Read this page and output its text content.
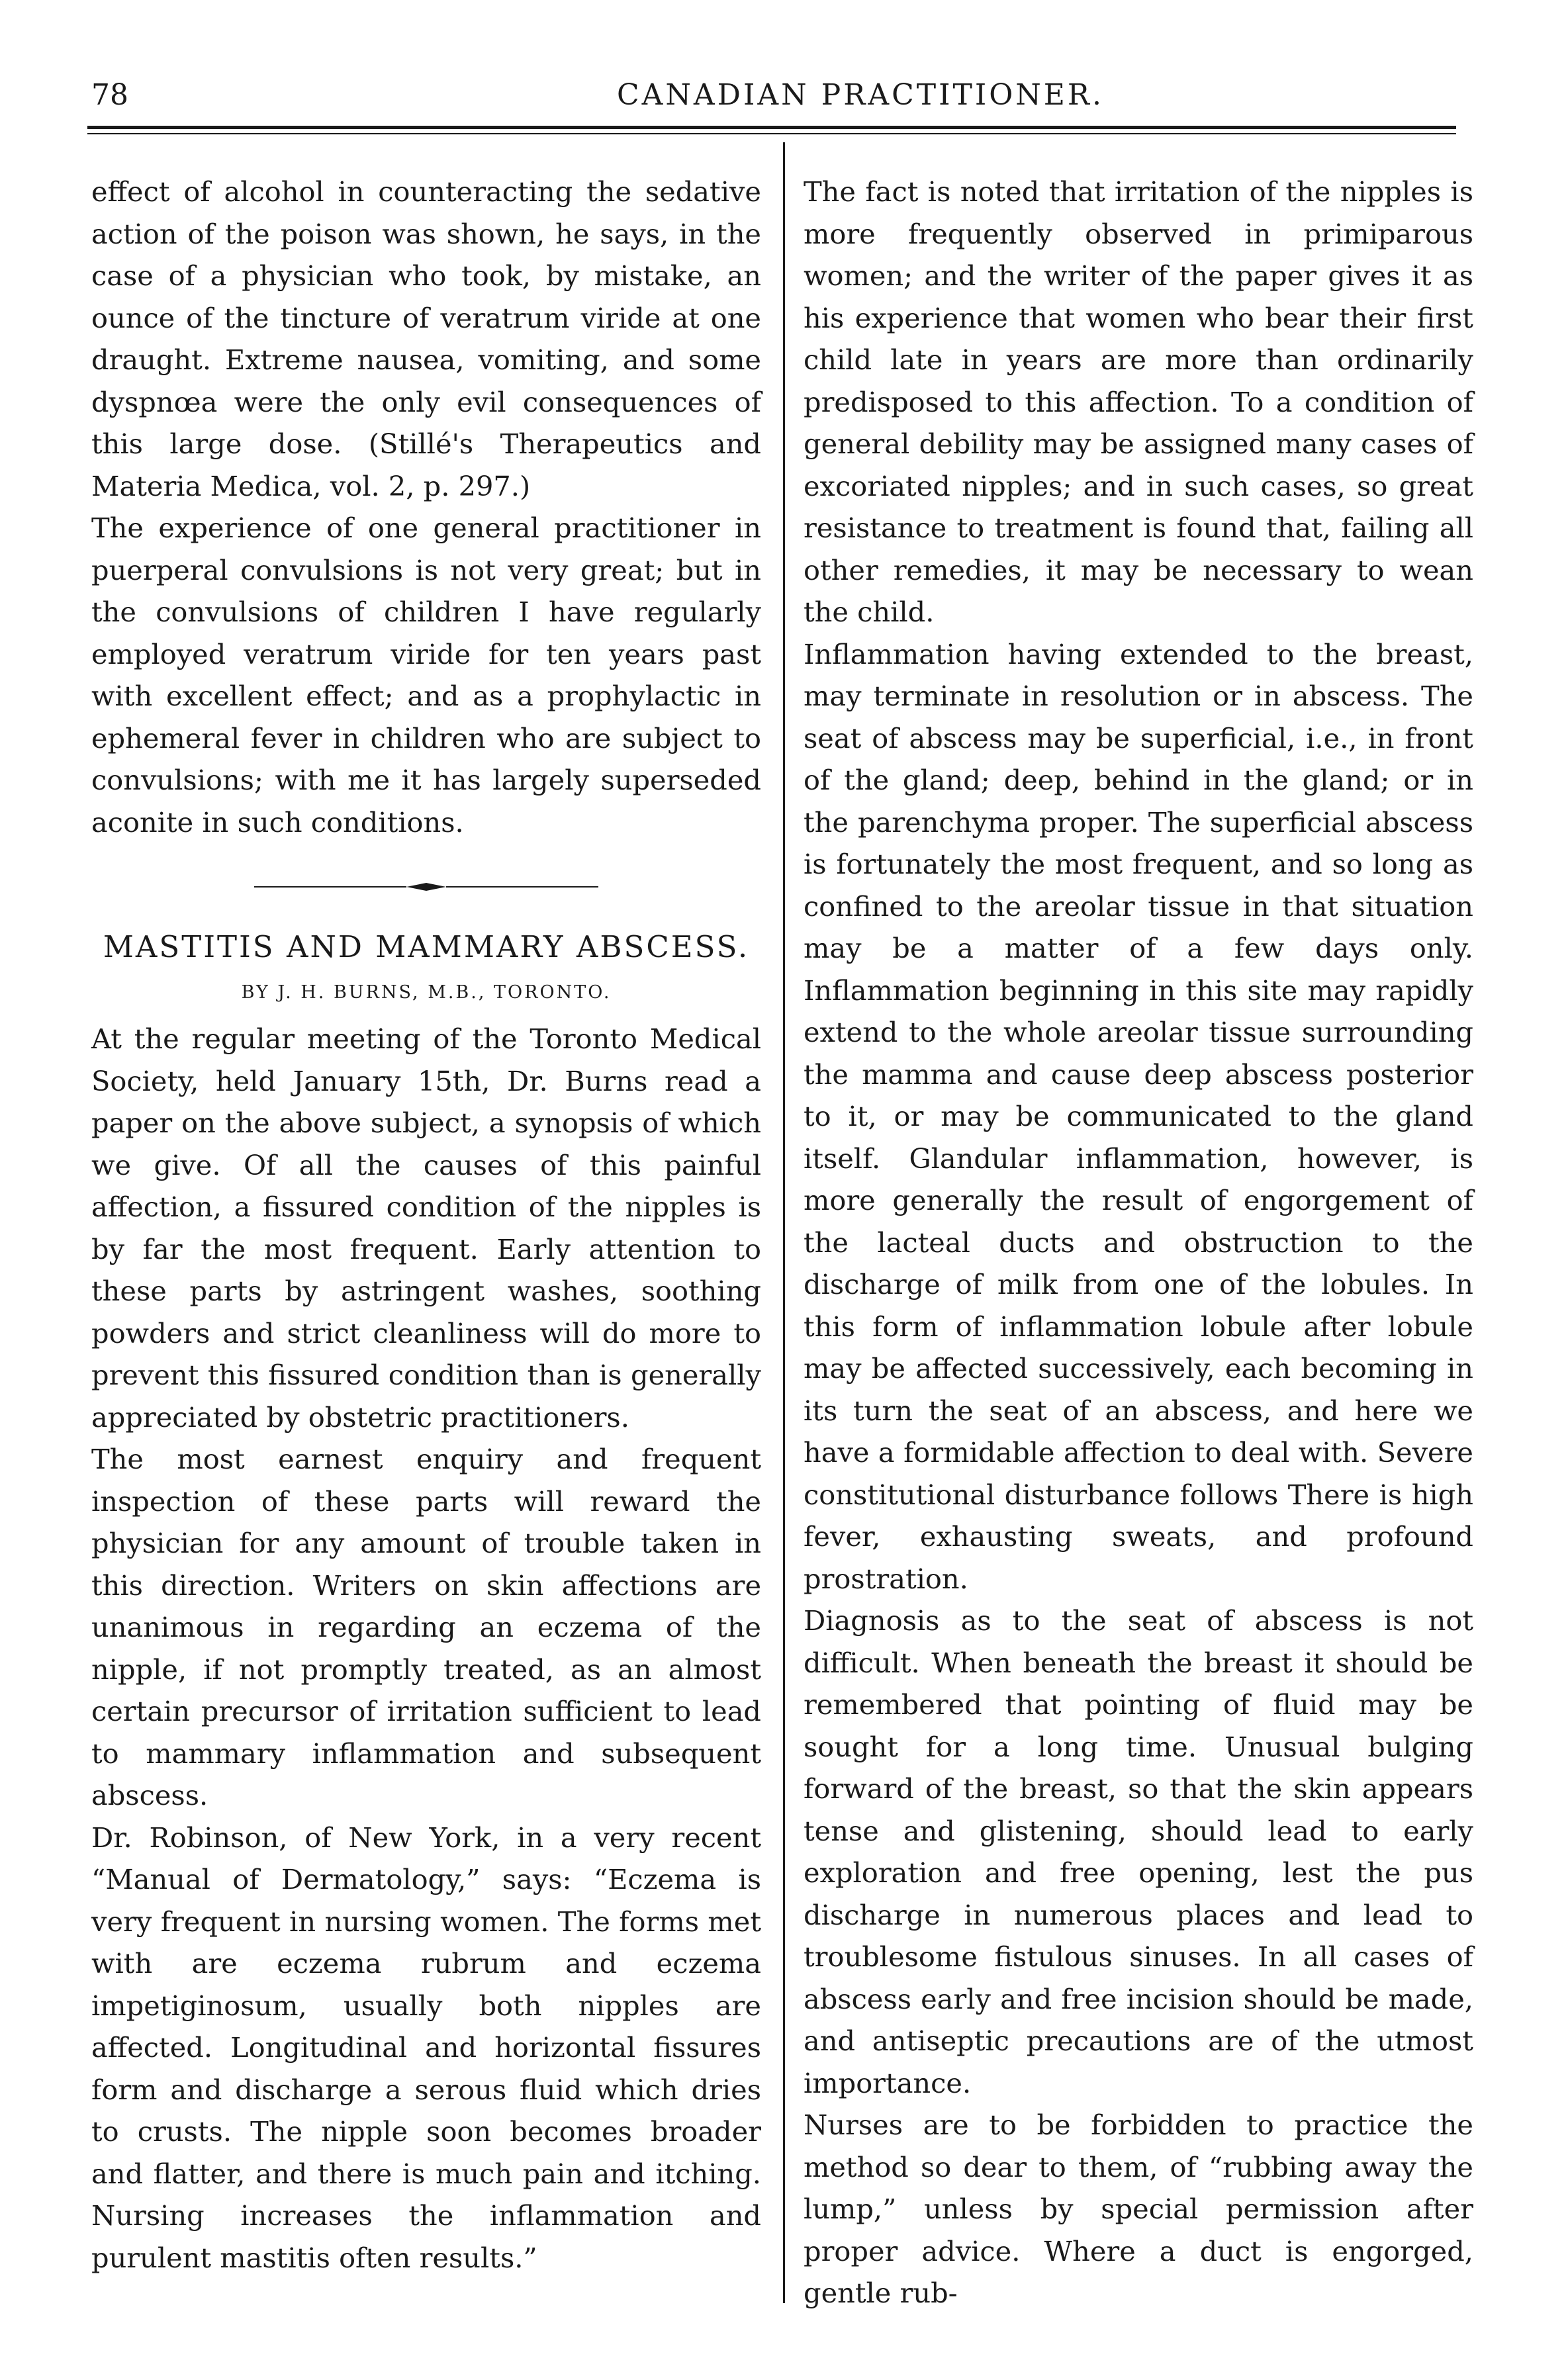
78	CANADIAN PRACTITIONER.

effect of alcohol in counteracting the sedative action of the poison was shown, he says, in the case of a physician who took, by mistake, an ounce of the tincture of veratrum viride at one draught. Extreme nausea, vomiting, and some dyspnœa were the only evil consequences of this large dose. (Stillé's Therapeutics and Materia Medica, vol. 2, p. 297.)

The experience of one general practitioner in puerperal convulsions is not very great; but in the convulsions of children I have regularly employed veratrum viride for ten years past with excellent effect; and as a prophylactic in ephemeral fever in children who are subject to convulsions; with me it has largely superseded aconite in such conditions.

MASTITIS AND MAMMARY ABSCESS.
BY J. H. BURNS, M.B., TORONTO.

At the regular meeting of the Toronto Medical Society, held January 15th, Dr. Burns read a paper on the above subject, a synopsis of which we give. Of all the causes of this painful affection, a fissured condition of the nipples is by far the most frequent. Early attention to these parts by astringent washes, soothing powders and strict cleanliness will do more to prevent this fissured condition than is generally appreciated by obstetric practitioners.

The most earnest enquiry and frequent inspection of these parts will reward the physician for any amount of trouble taken in this direction. Writers on skin affections are unanimous in regarding an eczema of the nipple, if not promptly treated, as an almost certain precursor of irritation sufficient to lead to mammary inflammation and subsequent abscess.

Dr. Robinson, of New York, in a very recent “Manual of Dermatology,” says: “Eczema is very frequent in nursing women. The forms met with are eczema rubrum and eczema impetiginosum, usually both nipples are affected. Longitudinal and horizontal fissures form and discharge a serous fluid which dries to crusts. The nipple soon becomes broader and flatter, and there is much pain and itching. Nursing increases the inflammation and purulent mastitis often results.”

The fact is noted that irritation of the nipples is more frequently observed in primiparous women; and the writer of the paper gives it as his experience that women who bear their first child late in years are more than ordinarily predisposed to this affection. To a condition of general debility may be assigned many cases of excoriated nipples; and in such cases, so great resistance to treatment is found that, failing all other remedies, it may be necessary to wean the child.

Inflammation having extended to the breast, may terminate in resolution or in abscess. The seat of abscess may be superficial, i.e., in front of the gland; deep, behind in the gland; or in the parenchyma proper. The superficial abscess is fortunately the most frequent, and so long as confined to the areolar tissue in that situation may be a matter of a few days only. Inflammation beginning in this site may rapidly extend to the whole areolar tissue surrounding the mamma and cause deep abscess posterior to it, or may be communicated to the gland itself. Glandular inflammation, however, is more generally the result of engorgement of the lacteal ducts and obstruction to the discharge of milk from one of the lobules. In this form of inflammation lobule after lobule may be affected successively, each becoming in its turn the seat of an abscess, and here we have a formidable affection to deal with. Severe constitutional disturbance follows There is high fever, exhausting sweats, and profound prostration.

Diagnosis as to the seat of abscess is not difficult. When beneath the breast it should be remembered that pointing of fluid may be sought for a long time. Unusual bulging forward of the breast, so that the skin appears tense and glistening, should lead to early exploration and free opening, lest the pus discharge in numerous places and lead to troublesome fistulous sinuses. In all cases of abscess early and free incision should be made, and antiseptic precautions are of the utmost importance.

Nurses are to be forbidden to practice the method so dear to them, of “rubbing away the lump,” unless by special permission after proper advice. Where a duct is engorged, gentle rub-
